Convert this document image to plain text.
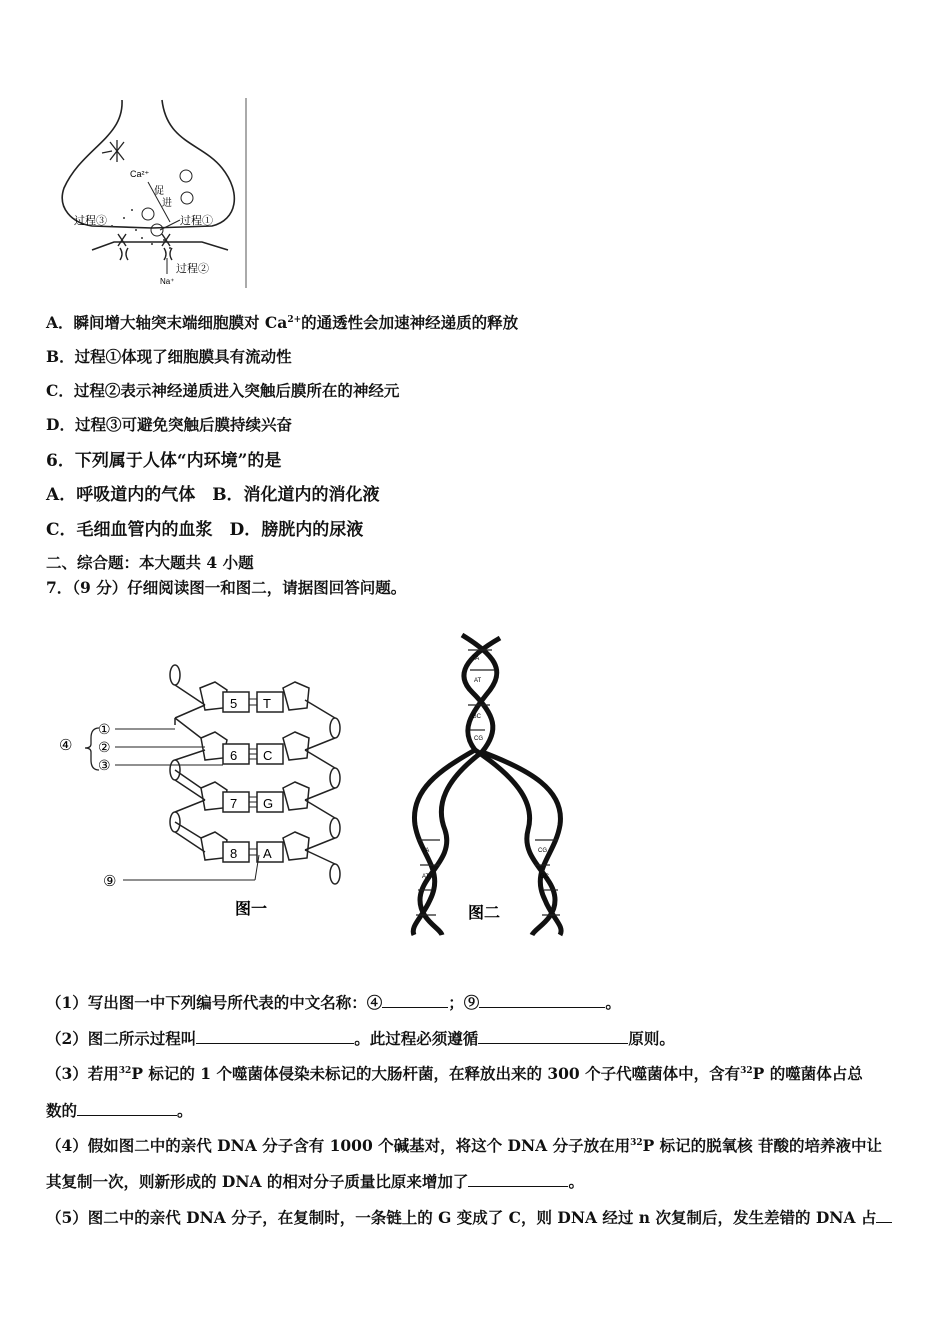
Ca²⁺
促
进
过程③	过程①
Na⁺
过程②
A．瞬间增大轴突末端细胞膜对 $Ca^{2+}$的通透性会加速神经递质的释放
B．过程①体现了细胞膜具有流动性
C．过程②表示神经递质进入突触后膜所在的神经元
D．过程③可避免突触后膜持续兴奋
6．下列属于人体“内环境”的是
A．呼吸道内的气体　B．消化道内的消化液
C．毛细血管内的血浆　D．膀胱内的尿液
二、综合题：本大题共 4 小题
7．（9 分）仔细阅读图一和图二，请据图回答问题。
5
6
7
8
T
C
G
A
④
①
②
③
⑨
图一
TA
AT
GC
CG
TA
AT
CG
GC
图二
（1）写出图一中下列编号所代表的中文名称：④	；⑨	。
（2）图二所示过程叫	。此过程必须遵循	原则。
（3）若用$^{32}$P 标记的 1 个噬菌体侵染未标记的大肠杆菌，在释放出来的 300 个子代噬菌体中，含有$^{32}$P 的噬菌体占总
数的	。
（4）假如图二中的亲代 DNA 分子含有 1000 个碱基对，将这个 DNA 分子放在用$^{32}$P 标记的脱氧核 苷酸的培养液中让
其复制一次，则新形成的 DNA 的相对分子质量比原来增加了	。
（5）图二中的亲代 DNA 分子，在复制时，一条链上的 G 变成了 C，则 DNA 经过 n 次复制后，发生差错的 DNA 占
